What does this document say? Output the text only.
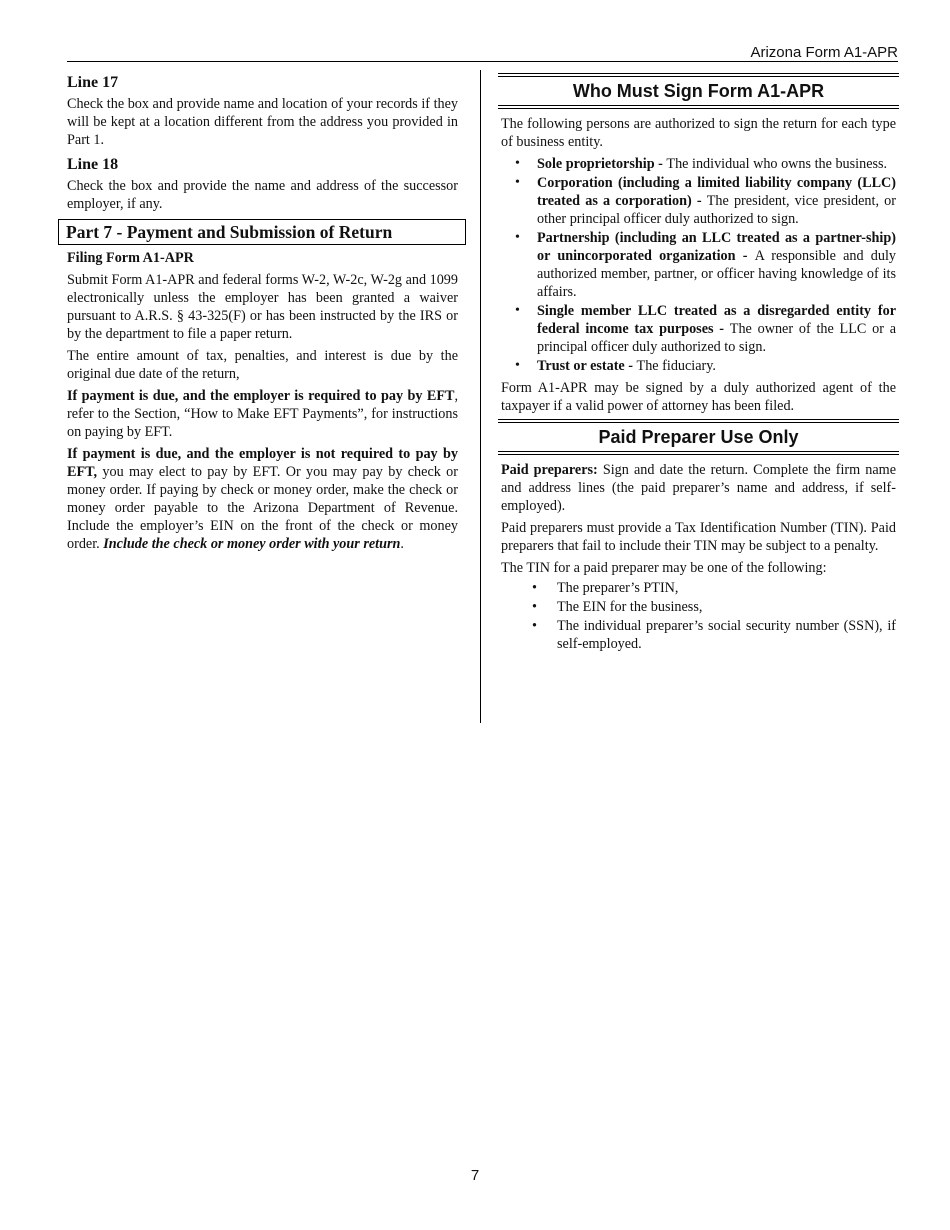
Arizona Form A1-APR
Line 17

Check the box and provide name and location of your records if they will be kept at a location different from the address you provided in Part 1.

Line 18

Check the box and provide the name and address of the successor employer, if any.

Part 7 - Payment and Submission of Return
Filing Form A1-APR

Submit Form A1-APR and federal forms W-2, W-2c, W-2g and 1099 electronically unless the employer has been granted a waiver pursuant to A.R.S. § 43-325(F) or has been instructed by the IRS or by the department to file a paper return.

The entire amount of tax, penalties, and interest is due by the original due date of the return,

If payment is due, and the employer is required to pay by EFT, refer to the Section, “How to Make EFT Payments”, for instructions on paying by EFT.

If payment is due, and the employer is not required to pay by EFT, you may elect to pay by EFT. Or you may pay by check or money order. If paying by check or money order, make the check or money order payable to the Arizona Department of Revenue. Include the employer’s EIN on the front of the check or money order. Include the check or money order with your return.

Who Must Sign Form A1-APR

The following persons are authorized to sign the return for each type of business entity.

• Sole proprietorship - The individual who owns the business.
• Corporation (including a limited liability company (LLC) treated as a corporation) - The president, vice president, or other principal officer duly authorized to sign.
• Partnership (including an LLC treated as a partner-ship) or unincorporated organization - A responsible and duly authorized member, partner, or officer having knowledge of its affairs.
• Single member LLC treated as a disregarded entity for federal income tax purposes - The owner of the LLC or a principal officer duly authorized to sign.
• Trust or estate - The fiduciary.

Form A1-APR may be signed by a duly authorized agent of the taxpayer if a valid power of attorney has been filed.

Paid Preparer Use Only

Paid preparers: Sign and date the return. Complete the firm name and address lines (the paid preparer’s name and address, if self-employed).

Paid preparers must provide a Tax Identification Number (TIN). Paid preparers that fail to include their TIN may be subject to a penalty.

The TIN for a paid preparer may be one of the following:

• The preparer’s PTIN,
• The EIN for the business,
• The individual preparer’s social security number (SSN), if self-employed.
7
